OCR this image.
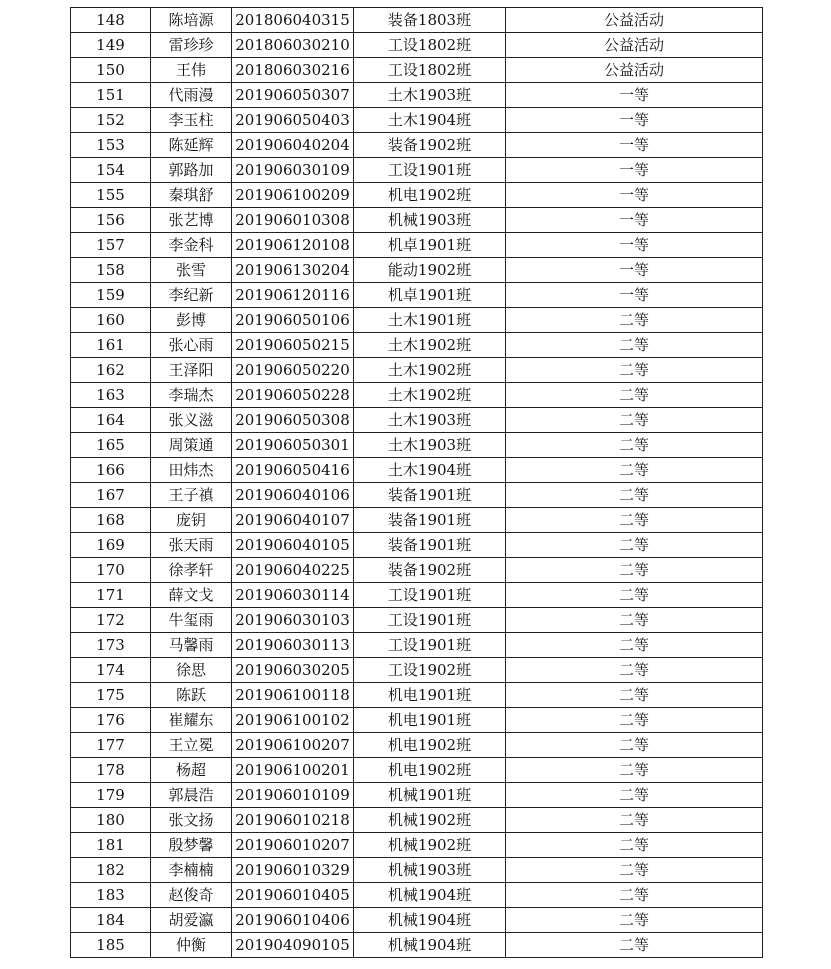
148	陈培源	201806040315	装备1803班	公益活动
149	雷珍珍	201806030210	工设1802班	公益活动
150	王伟	201806030216	工设1802班	公益活动
151	代雨漫	201906050307	土木1903班	一等
152	李玉柱	201906050403	土木1904班	一等
153	陈延辉	201906040204	装备1902班	一等
154	郭路加	201906030109	工设1901班	一等
155	秦琪舒	201906100209	机电1902班	一等
156	张艺博	201906010308	机械1903班	一等
157	李金科	201906120108	机卓1901班	一等
158	张雪	201906130204	能动1902班	一等
159	李纪新	201906120116	机卓1901班	一等
160	彭博	201906050106	土木1901班	二等
161	张心雨	201906050215	土木1902班	二等
162	王泽阳	201906050220	土木1902班	二等
163	李瑞杰	201906050228	土木1902班	二等
164	张义滋	201906050308	土木1903班	二等
165	周策通	201906050301	土木1903班	二等
166	田炜杰	201906050416	土木1904班	二等
167	王子禛	201906040106	装备1901班	二等
168	庞钥	201906040107	装备1901班	二等
169	张天雨	201906040105	装备1901班	二等
170	徐孝轩	201906040225	装备1902班	二等
171	薛文戈	201906030114	工设1901班	二等
172	牛玺雨	201906030103	工设1901班	二等
173	马馨雨	201906030113	工设1901班	二等
174	徐思	201906030205	工设1902班	二等
175	陈跃	201906100118	机电1901班	二等
176	崔耀东	201906100102	机电1901班	二等
177	王立冕	201906100207	机电1902班	二等
178	杨超	201906100201	机电1902班	二等
179	郭晨浩	201906010109	机械1901班	二等
180	张文扬	201906010218	机械1902班	二等
181	殷梦馨	201906010207	机械1902班	二等
182	李楠楠	201906010329	机械1903班	二等
183	赵俊奇	201906010405	机械1904班	二等
184	胡爱瀛	201906010406	机械1904班	二等
185	仲衡	201904090105	机械1904班	二等
